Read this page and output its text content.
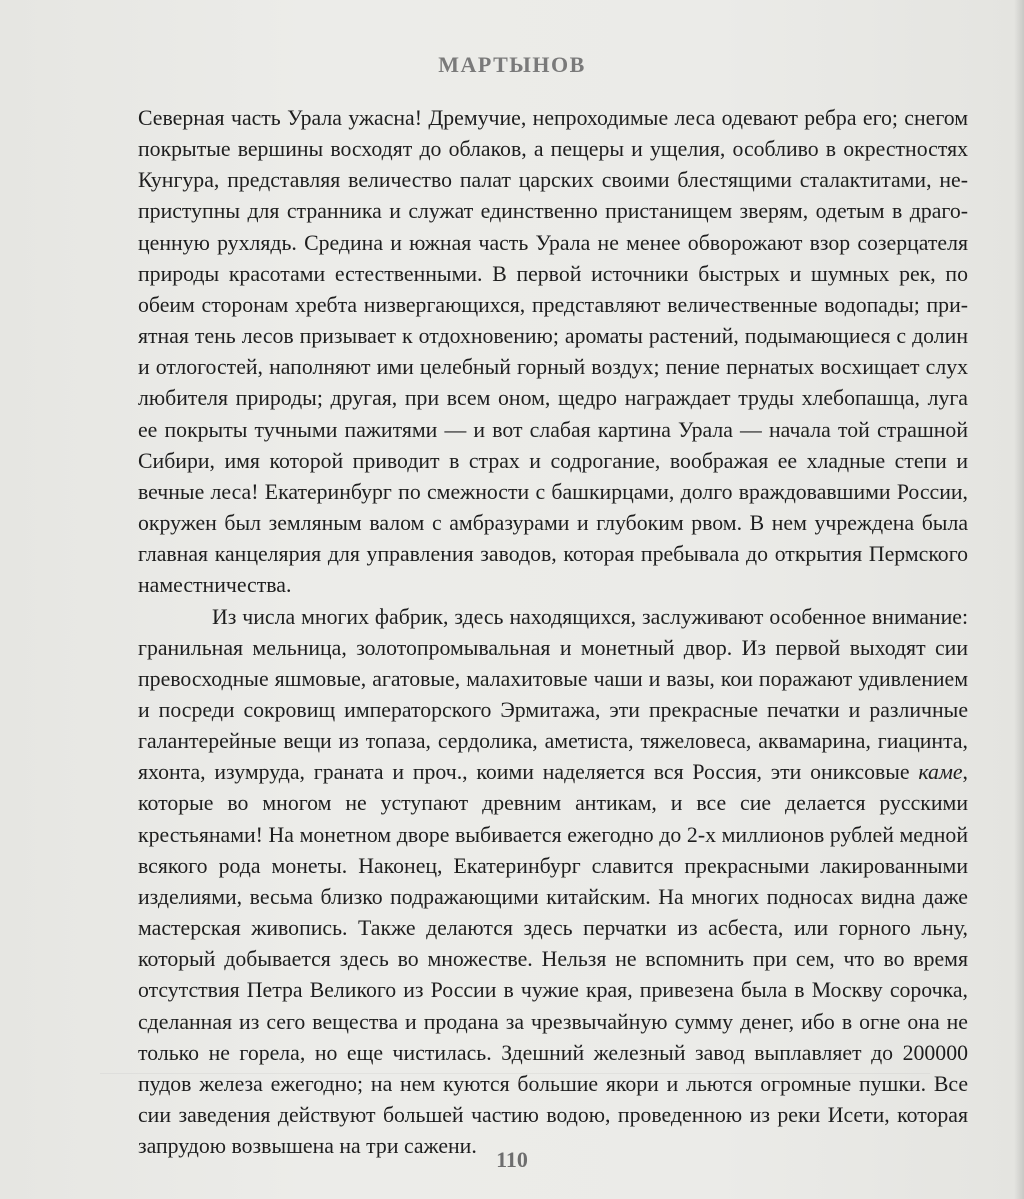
МАРТЫНОВ

Северная часть Урала ужасна! Дремучие, непроходимые леса одевают ребра его; снегом покрытые вершины восходят до облаков, а пещеры и ущелия, особливо в окрестностях Кунгура, представляя величество палат царских своими блестящими сталактитами, неприступны для странника и служат единственно пристанищем зверям, одетым в драгоценную рухлядь. Средина и южная часть Урала не менее обворожают взор созерцателя природы красотами естественными. В первой источники быстрых и шумных рек, по обеим сторонам хребта низвергающихся, представляют величественные водопады; приятная тень лесов призывает к отдохновению; ароматы растений, подымающиеся с долин и отлогостей, наполняют ими целебный горный воздух; пение пернатых восхищает слух любителя природы; другая, при всем оном, щедро награждает труды хлебопашца, луга ее покрыты тучными пажитями — и вот слабая картина Урала — начала той страшной Сибири, имя которой приводит в страх и содрогание, воображая ее хладные степи и вечные леса! Екатеринбург по смежности с башкирцами, долго враждовавшими России, окружен был земляным валом с амбразурами и глубоким рвом. В нем учреждена была главная канцелярия для управления заводов, которая пребывала до открытия Пермского наместничества.

Из числа многих фабрик, здесь находящихся, заслуживают особенное внимание: гранильная мельница, золотопромывальная и монетный двор. Из первой выходят сии превосходные яшмовые, агатовые, малахитовые чаши и вазы, кои поражают удивлением и посреди сокровищ императорского Эрмитажа, эти прекрасные печатки и различные галантерейные вещи из топаза, сердолика, аметиста, тяжеловеса, аквамарина, гиацинта, яхонта, изумруда, граната и проч., коими наделяется вся Россия, эти ониксовые каме, которые во многом не уступают древним антикам, и все сие делается русскими крестьянами! На монетном дворе выбивается ежегодно до 2-х миллионов рублей медной всякого рода монеты. Наконец, Екатеринбург славится прекрасными лакированными изделиями, весьма близко подражающими китайским. На многих подносах видна даже мастерская живопись. Также делаются здесь перчатки из асбеста, или горного льну, который добывается здесь во множестве. Нельзя не вспомнить при сем, что во время отсутствия Петра Великого из России в чужие края, привезена была в Москву сорочка, сделанная из сего вещества и продана за чрезвычайную сумму денег, ибо в огне она не только не горела, но еще чистилась. Здешний железный завод выплавляет до 200000 пудов железа ежегодно; на нем куются большие якори и льются огромные пушки. Все сии заведения действуют большей частию водою, проведенною из реки Исети, которая запрудою возвышена на три сажени.

110
